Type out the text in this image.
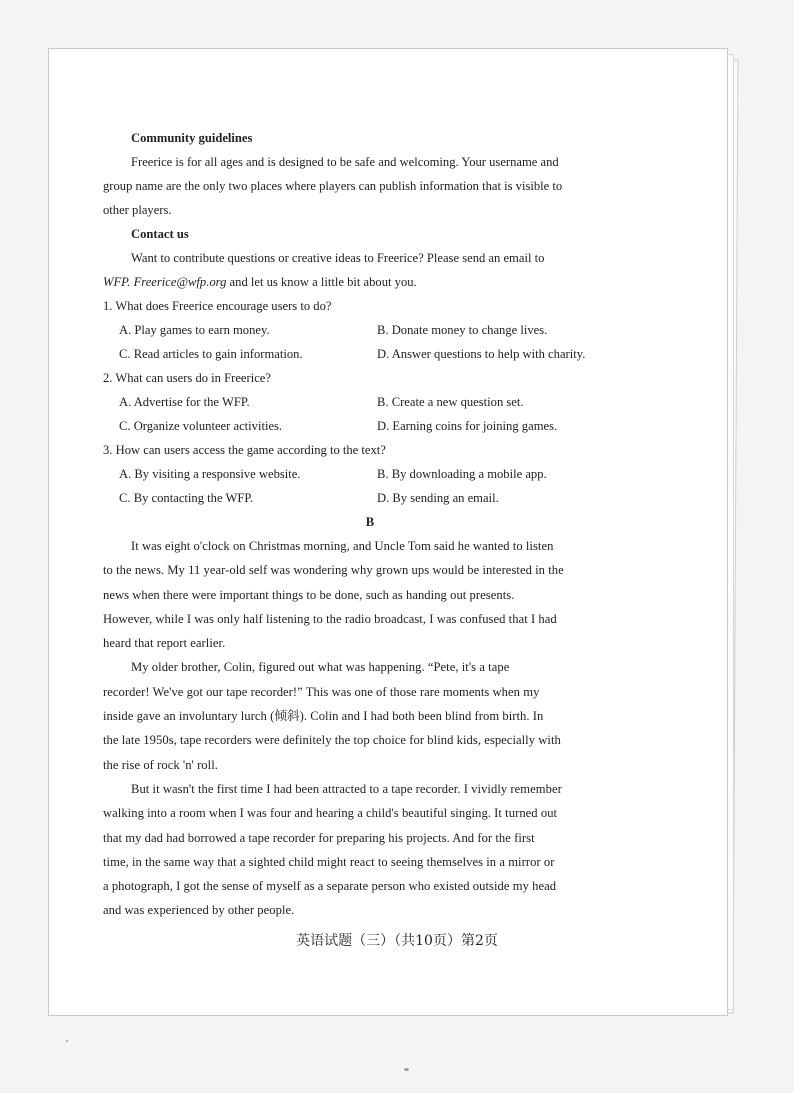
Community guidelines
Freerice is for all ages and is designed to be safe and welcoming. Your username and
group name are the only two places where players can publish information that is visible to
other players.
Contact us
Want to contribute questions or creative ideas to Freerice? Please send an email to
WFP. Freerice@wfp.org and let us know a little bit about you.
1. What does Freerice encourage users to do?
A. Play games to earn money.	B. Donate money to change lives.
C. Read articles to gain information.	D. Answer questions to help with charity.
2. What can users do in Freerice?
A. Advertise for the WFP.	B. Create a new question set.
C. Organize volunteer activities.	D. Earning coins for joining games.
3. How can users access the game according to the text?
A. By visiting a responsive website.	B. By downloading a mobile app.
C. By contacting the WFP.	D. By sending an email.
B
It was eight o'clock on Christmas morning, and Uncle Tom said he wanted to listen
to the news. My 11 year-old self was wondering why grown ups would be interested in the
news when there were important things to be done, such as handing out presents.
However, while I was only half listening to the radio broadcast, I was confused that I had
heard that report earlier.
My older brother, Colin, figured out what was happening. “Pete, it's a tape
recorder! We've got our tape recorder!” This was one of those rare moments when my
inside gave an involuntary lurch (倾斜). Colin and I had both been blind from birth. In
the late 1950s, tape recorders were definitely the top choice for blind kids, especially with
the rise of rock 'n' roll.
But it wasn't the first time I had been attracted to a tape recorder. I vividly remember
walking into a room when I was four and hearing a child's beautiful singing. It turned out
that my dad had borrowed a tape recorder for preparing his projects. And for the first
time, in the same way that a sighted child might react to seeing themselves in a mirror or
a photograph, I got the sense of myself as a separate person who existed outside my head
and was experienced by other people.
英语试题（三）（共10页）第2页
